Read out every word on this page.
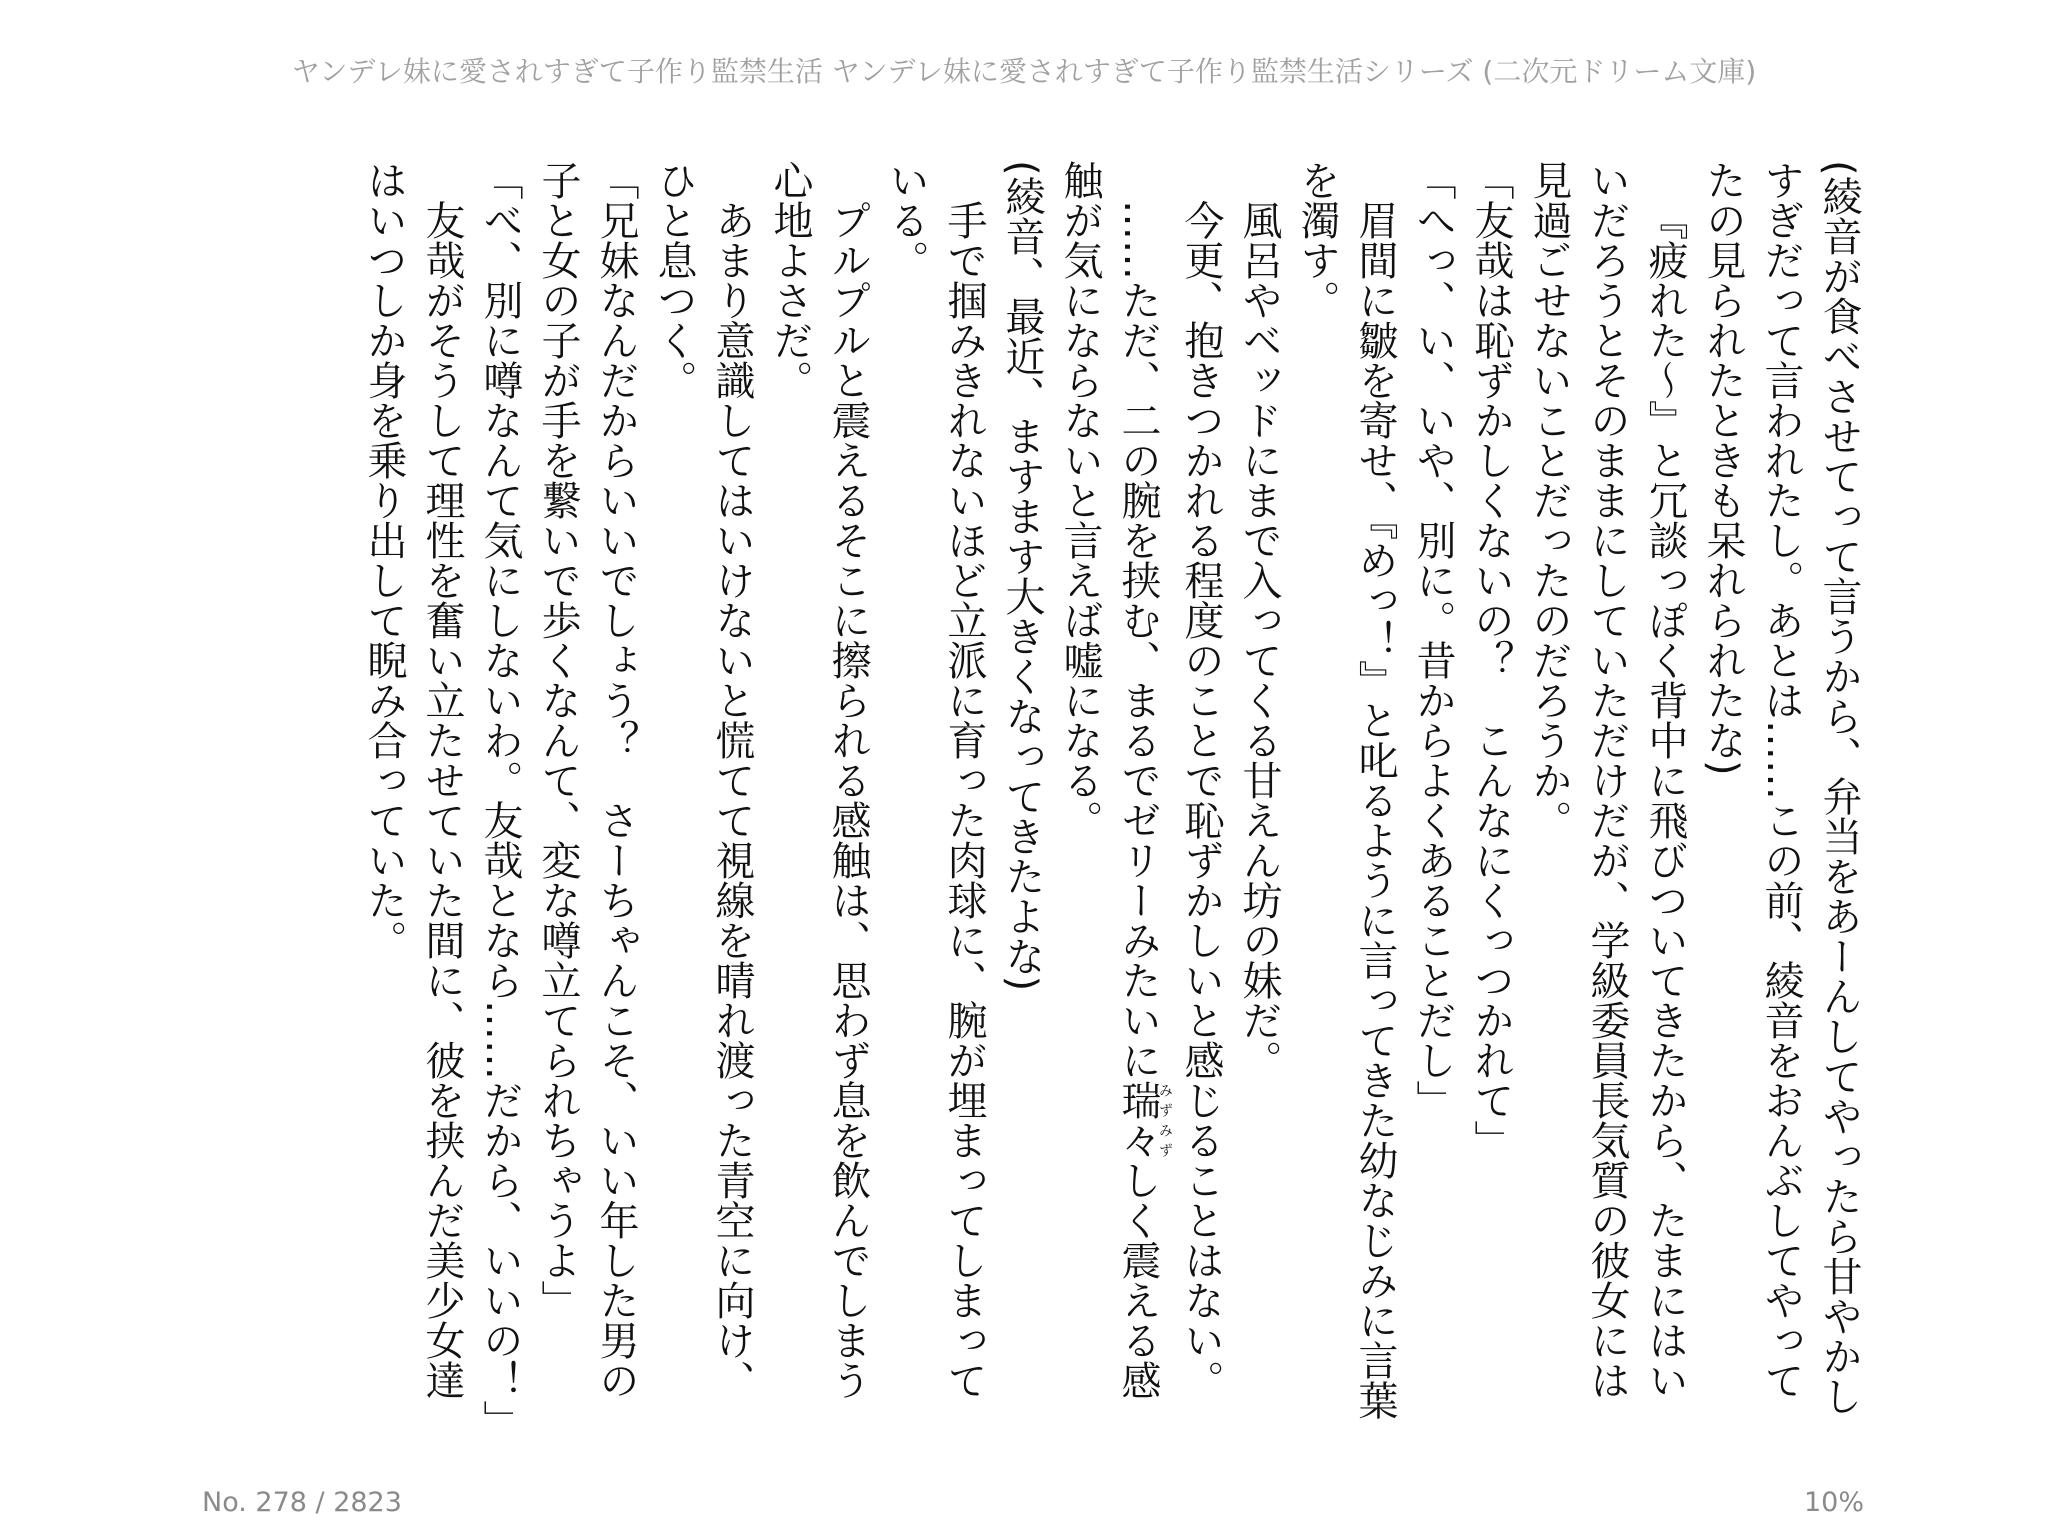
ヤンデレ妹に愛されすぎて子作り監禁生活 ヤンデレ妹に愛されすぎて子作り監禁生活シリーズ (二次元ドリーム文庫)

(綾音が食べさせてって言うから、弁当をあーんしてやったら甘やかしすぎだって言われたし。あとは……この前、綾音をおんぶしてやってたの見られたときも呆れられたな)

『疲れた～』と冗談っぽく背中に飛びついてきたから、たまにはいいだろうとそのままにしていただけだが、学級委員長気質の彼女には見過ごせないことだったのだろうか。

「友哉は恥ずかしくないの？　こんなにくっつかれて」

「へっ、い、いや、別に。昔からよくあることだし」

眉間に皺を寄せ、『めっ！』と叱るように言ってきた幼なじみに言葉を濁す。

風呂やベッドにまで入ってくる甘えん坊の妹だ。

今更、抱きつかれる程度のことで恥ずかしいと感じることはない。

……ただ、二の腕を挟む、まるでゼリーみたいに瑞々みずみずしく震える感触が気にならないと言えば嘘になる。

(綾音、最近、ますます大きくなってきたよな)

手で掴みきれないほど立派に育った肉球に、腕が埋まってしまっている。

プルプルと震えるそこに擦られる感触は、思わず息を飲んでしまう心地よさだ。

あまり意識してはいけないと慌てて視線を晴れ渡った青空に向け、ひと息つく。

「兄妹なんだからいいでしょう？　さーちゃんこそ、いい年した男の子と女の子が手を繋いで歩くなんて、変な噂立てられちゃうよ」

「べ、別に噂なんて気にしないわ。友哉となら……だから、いいの！」

友哉がそうして理性を奮い立たせていた間に、彼を挟んだ美少女達はいつしか身を乗り出して睨み合っていた。

No. 278 / 2823	10%
